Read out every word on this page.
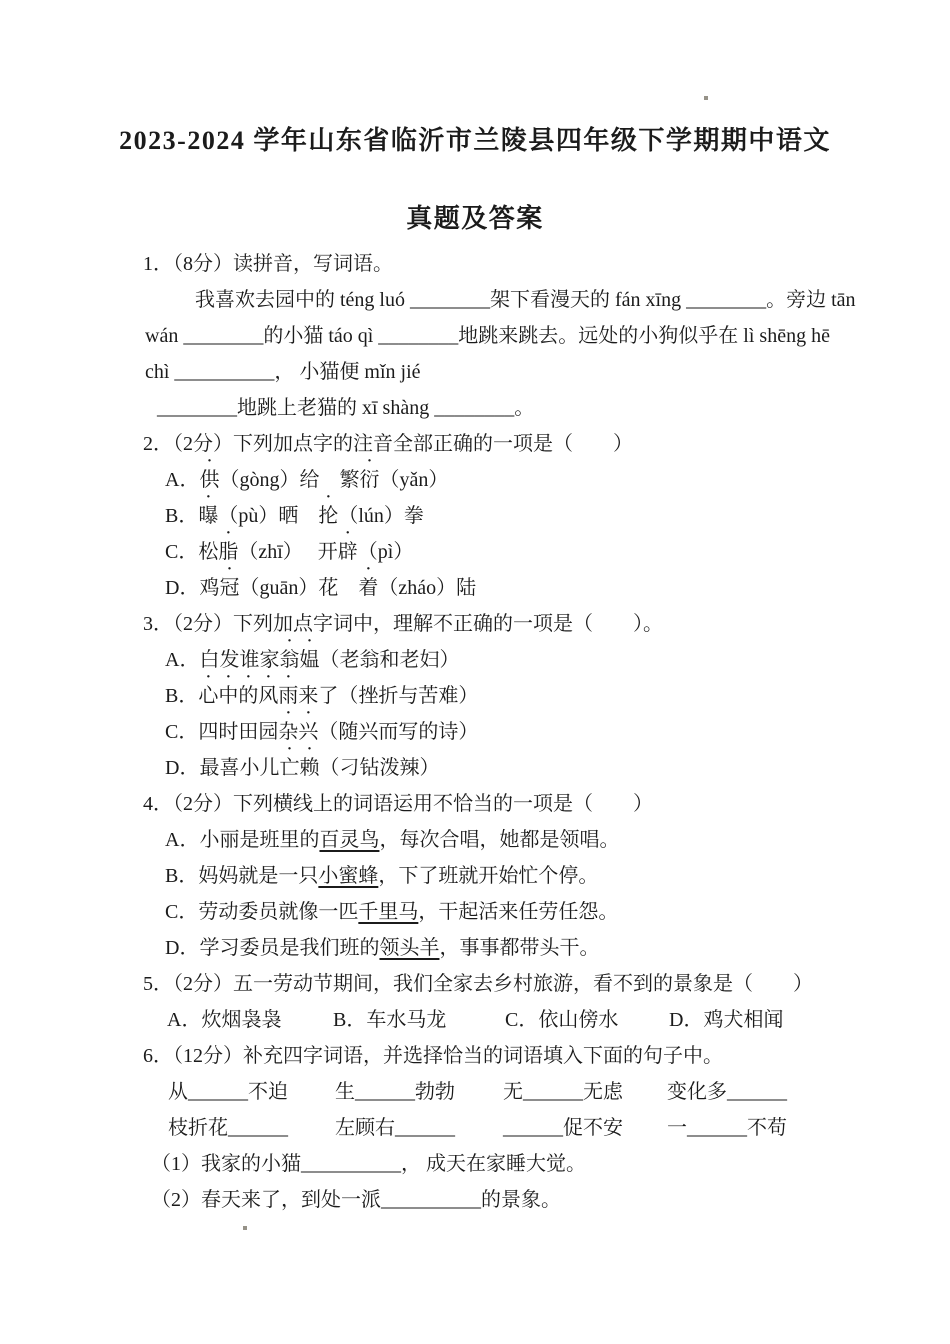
2023-2024 学年山东省临沂市兰陵县四年级下学期期中语文
真题及答案
1．（8分）读拼音，写词语。
我喜欢去园中的 téng luó ________架下看漫天的 fán xīng ________。旁边 tān
wán ________的小猫 táo qì ________地跳来跳去。远处的小狗似乎在 lì shēng hē
chì __________， 小猫便 mǐn jié
________地跳上老猫的 xī shàng ________。
2．（2分）下列加点字的注音全部正确的一项是（　　）
A．供（gòng）给　繁衍（yǎn）
B．曝（pù）晒　抡（lún）拳
C．松脂（zhī）　 开辟（pì）
D．鸡冠（guān）花　着（zháo）陆
3．（2分）下列加点字词中，理解不正确的一项是（　　）。
A．白发谁家翁媪（老翁和老妇）
B．心中的风雨来了（挫折与苦难）
C．四时田园杂兴（随兴而写的诗）
D．最喜小儿亡赖（刁钻泼辣）
4．（2分）下列横线上的词语运用不恰当的一项是（　　）
A．小丽是班里的百灵鸟，每次合唱，她都是领唱。
B．妈妈就是一只小蜜蜂，下了班就开始忙个停。
C．劳动委员就像一匹千里马，干起活来任劳任怨。
D．学习委员是我们班的领头羊，事事都带头干。
5．（2分）五一劳动节期间，我们全家去乡村旅游，看不到的景象是（　　）
A．炊烟袅袅	B．车水马龙	C．依山傍水	D．鸡犬相闻
6．（12分）补充四字词语，并选择恰当的词语填入下面的句子中。
从______不迫 生______勃勃 无______无虑 变化多______
枝折花______ 左顾右______ ______促不安 一______不苟
（1）我家的小猫__________， 成天在家睡大觉。
（2）春天来了，到处一派__________的景象。
